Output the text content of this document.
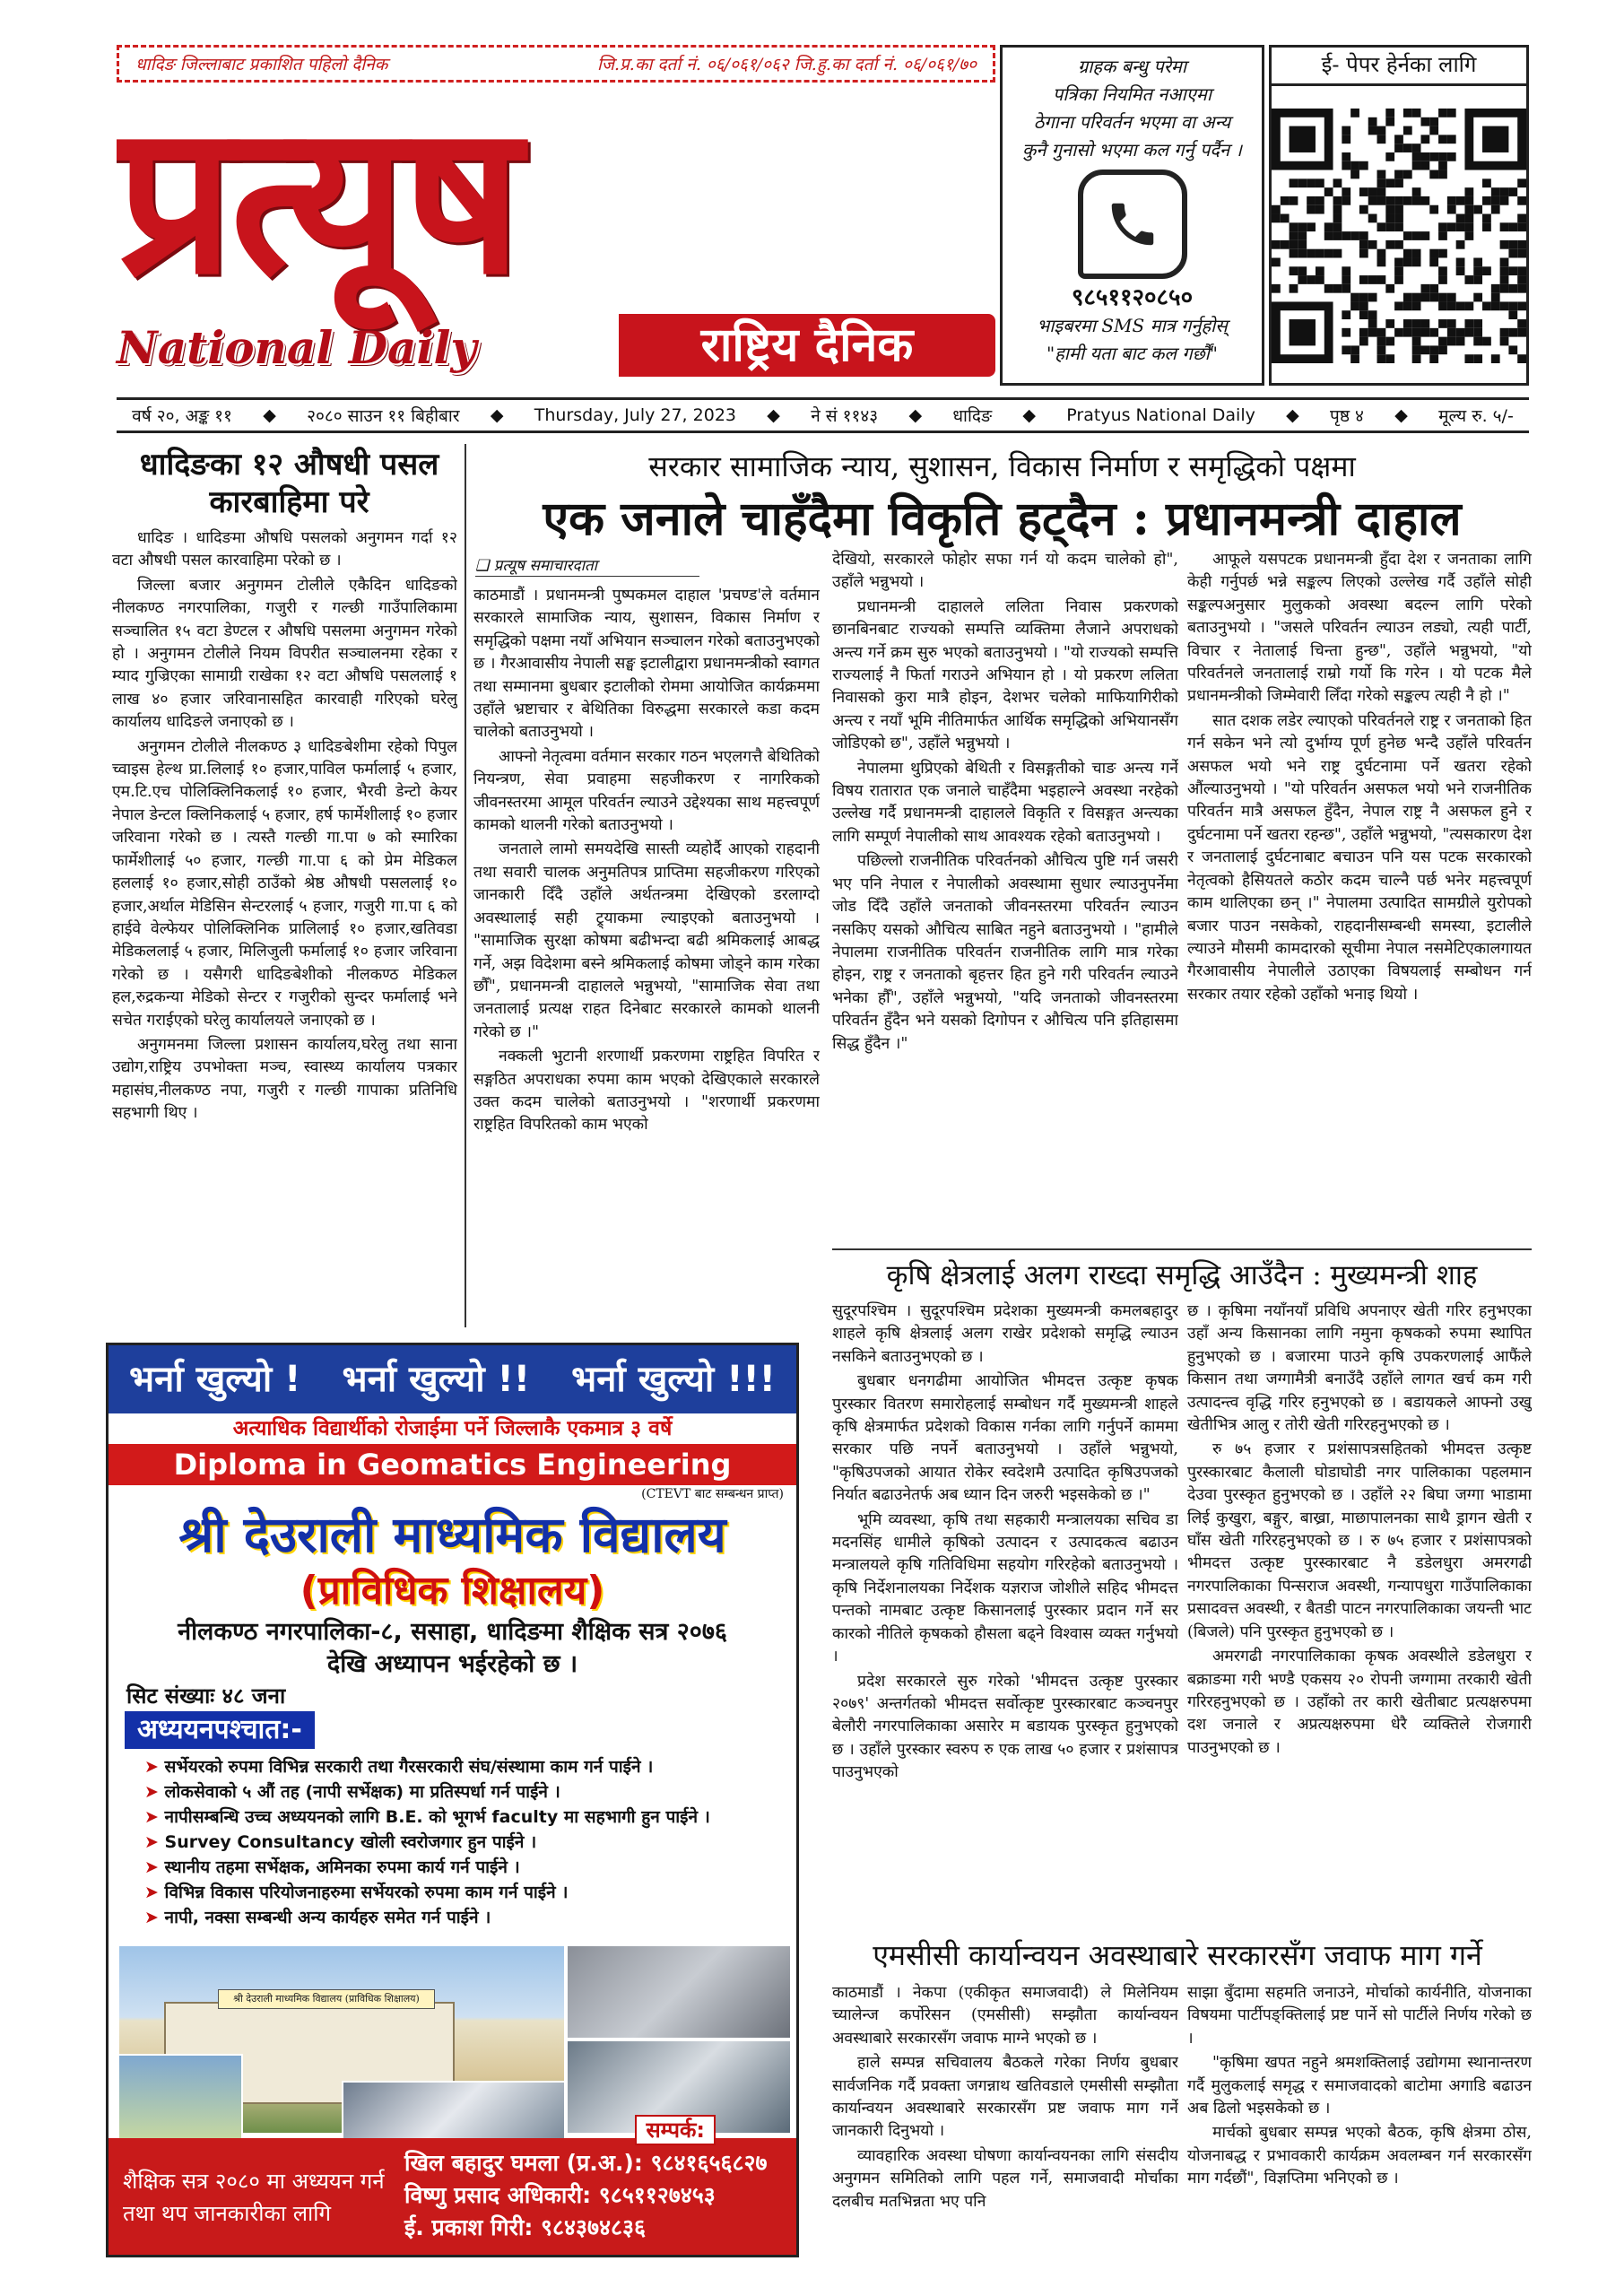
धादिङ जिल्लाबाट प्रकाशित पहिलो दैनिक	जि.प्र.का दर्ता नं. ०६/०६१/०६२ जि.हु.का दर्ता नं. ०६/०६१/७०
प्रत्यूष
National Daily	राष्ट्रिय दैनिक
ग्राहक बन्धु परेमा
पत्रिका नियमित नआएमा
ठेगाना परिवर्तन भएमा वा अन्य
कुनै गुनासो भएमा कल गर्नु पर्दैन ।
९८५११२०८५०
भाइबरमा SMS मात्र गर्नुहोस्
"हामी यता बाट कल गर्छौं"
ई- पेपर हेर्नका लागि
वर्ष २०, अङ्क ११ ◆ २०८० साउन ११ बिहीबार ◆ Thursday, July 27, 2023 ◆ ने सं ११४३ ◆ धादिङ ◆ Pratyus National Daily ◆ पृष्ठ ४ ◆ मूल्य रु. ५/-
धादिङका १२ औषधी पसल कारबाहिमा परे

धादिङ । धादिङमा औषधि पसलको अनुगमन गर्दा १२ वटा औषधी पसल कारवाहिमा परेको छ ।

जिल्ला बजार अनुगमन टोलीले एकैदिन धादिङको नीलकण्ठ नगरपालिका, गजुरी र गल्छी गाउँपालिकामा सञ्चालित १५ वटा डेण्टल र औषधि पसलमा अनुगमन गरेको हो । अनुगमन टोलीले नियम विपरीत सञ्चालनमा रहेका र म्याद गुज्रिएका सामाग्री राखेका १२ वटा औषधि पसललाई १ लाख ४० हजार जरिवानासहित कारवाही गरिएको घरेलु कार्यालय धादिङले जनाएको छ ।

अनुगमन टोलीले नीलकण्ठ ३ धादिङबेशीमा रहेको पिपुल च्वाइस हेल्थ प्रा.लिलाई १० हजार,पाविल फर्मालाई ५ हजार, एम.टि.एच पोलिक्लिनिकलाई १० हजार, भैरवी डेन्टो केयर नेपाल डेन्टल क्लिनिकलाई ५ हजार, हर्ष फार्मेशीलाई १० हजार जरिवाना गरेको छ । त्यस्तै गल्छी गा.पा ७ को स्मारिका फार्मेशीलाई ५० हजार, गल्छी गा.पा ६ को प्रेम मेडिकल हललाई १० हजार,सोही ठाउँको श्रेष्ठ औषधी पसललाई १० हजार,अर्थाल मेडिसिन सेन्टरलाई ५ हजार, गजुरी गा.पा ६ को हाईवे वेल्फेयर पोलिक्लिनिक प्रालिलाई १० हजार,खतिवडा मेडिकललाई ५ हजार, मिलिजुली फर्मालाई १० हजार जरिवाना गरेको छ । यसैगरी धादिङबेशीको नीलकण्ठ मेडिकल हल,रुद्रकन्या मेडिको सेन्टर र गजुरीको सुन्दर फर्मालाई भने सचेत गराईएको घरेलु कार्यालयले जनाएको छ ।

अनुगमनमा जिल्ला प्रशासन कार्यालय,घरेलु तथा साना उद्योग,राष्ट्रिय उपभोक्ता मञ्च, स्वास्थ्य कार्यालय पत्रकार महासंघ,नीलकण्ठ नपा, गजुरी र गल्छी गापाका प्रतिनिधि सहभागी थिए ।

सरकार सामाजिक न्याय, सुशासन, विकास निर्माण र समृद्धिको पक्षमा
एक जनाले चाहँदैमा विकृति हट्दैन : प्रधानमन्त्री दाहाल
❑ प्रत्यूष समाचारदाता

काठमाडौं । प्रधानमन्त्री पुष्पकमल दाहाल 'प्रचण्ड'ले वर्तमान सरकारले सामाजिक न्याय, सुशासन, विकास निर्माण र समृद्धिको पक्षमा नयाँ अभियान सञ्चालन गरेको बताउनुभएको छ । गैरआवासीय नेपाली सङ्घ इटालीद्वारा प्रधानमन्त्रीको स्वागत तथा सम्मानमा बुधबार इटालीको रोममा आयोजित कार्यक्रममा उहाँले भ्रष्टाचार र बेथितिका विरुद्धमा सरकारले कडा कदम चालेको बताउनुभयो ।

आफ्नो नेतृत्वमा वर्तमान सरकार गठन भएलगत्तै बेथितिको नियन्त्रण, सेवा प्रवाहमा सहजीकरण र नागरिकको जीवनस्तरमा आमूल परिवर्तन ल्याउने उद्देश्यका साथ महत्त्वपूर्ण कामको थालनी गरेको बताउनुभयो ।

जनताले लामो समयदेखि सास्ती व्यहोर्दै आएको राहदानी तथा सवारी चालक अनुमतिपत्र प्राप्तिमा सहजीकरण गरिएको जानकारी दिँदै उहाँले अर्थतन्त्रमा देखिएको डरलाग्दो अवस्थालाई सही ट्र्याकमा ल्याइएको बताउनुभयो । "सामाजिक सुरक्षा कोषमा बढीभन्दा बढी श्रमिकलाई आबद्ध गर्ने, अझ विदेशमा बस्ने श्रमिकलाई कोषमा जोड्ने काम गरेका छौँ", प्रधानमन्त्री दाहालले भन्नुभयो, "सामाजिक सेवा तथा जनतालाई प्रत्यक्ष राहत दिनेबाट सरकारले कामको थालनी गरेको छ ।"

नक्कली भुटानी शरणार्थी प्रकरणमा राष्ट्रहित विपरित र सङ्गठित अपराधका रुपमा काम भएको देखिएकाले सरकारले उक्त कदम चालेको बताउनुभयो । "शरणार्थी प्रकरणमा राष्ट्रहित विपरितको काम भएको

देखियो, सरकारले फोहोर सफा गर्न यो कदम चालेको हो", उहाँले भन्नुभयो ।

प्रधानमन्त्री दाहालले ललिता निवास प्रकरणको छानबिनबाट राज्यको सम्पत्ति व्यक्तिमा लैजाने अपराधको अन्त्य गर्ने क्रम सुरु भएको बताउनुभयो । "यो राज्यको सम्पत्ति राज्यलाई नै फिर्ता गराउने अभियान हो । यो प्रकरण ललिता निवासको कुरा मात्रै होइन, देशभर चलेको माफियागिरीको अन्त्य र नयाँ भूमि नीतिमार्फत आर्थिक समृद्धिको अभियानसँग जोडिएको छ", उहाँले भन्नुभयो ।

नेपालमा थुप्रिएको बेथिती र विसङ्गतीको चाङ अन्त्य गर्ने विषय रातारात एक जनाले चाहँदैमा भइहाल्ने अवस्था नरहेको उल्लेख गर्दै प्रधानमन्त्री दाहालले विकृति र विसङ्गत अन्त्यका लागि सम्पूर्ण नेपालीको साथ आवश्यक रहेको बताउनुभयो ।

पछिल्लो राजनीतिक परिवर्तनको औचित्य पुष्टि गर्न जसरी भए पनि नेपाल र नेपालीको अवस्थामा सुधार ल्याउनुपर्नेमा जोड दिँदै उहाँले जनताको जीवनस्तरमा परिवर्तन ल्याउन नसकिए यसको औचित्य साबित नहुने बताउनुभयो । "हामीले नेपालमा राजनीतिक परिवर्तन राजनीतिक लागि मात्र गरेका होइन, राष्ट्र र जनताको बृहत्तर हित हुने गरी परिवर्तन ल्याउने भनेका हौँ", उहाँले भन्नुभयो, "यदि जनताको जीवनस्तरमा परिवर्तन हुँदैन भने यसको दिगोपन र औचित्य पनि इतिहासमा सिद्ध हुँदैन ।"

आफूले यसपटक प्रधानमन्त्री हुँदा देश र जनताका लागि केही गर्नुपर्छ भन्ने सङ्कल्प लिएको उल्लेख गर्दै उहाँले सोही सङ्कल्पअनुसार मुलुकको अवस्था बदल्न लागि परेको बताउनुभयो । "जसले परिवर्तन ल्याउन लड्यो, त्यही पार्टी, विचार र नेतालाई चिन्ता हुन्छ", उहाँले भन्नुभयो, "यो परिवर्तनले जनतालाई राम्रो गर्यो कि गरेन । यो पटक मैले प्रधानमन्त्रीको जिम्मेवारी लिँदा गरेको सङ्कल्प त्यही नै हो ।"

सात दशक लडेर ल्याएको परिवर्तनले राष्ट्र र जनताको हित गर्न सकेन भने त्यो दुर्भाग्य पूर्ण हुनेछ भन्दै उहाँले परिवर्तन असफल भयो भने राष्ट्र दुर्घटनामा पर्ने खतरा रहेको औंल्याउनुभयो । "यो परिवर्तन असफल भयो भने राजनीतिक परिवर्तन मात्रै असफल हुँदैन, नेपाल राष्ट्र नै असफल हुने र दुर्घटनामा पर्ने खतरा रहन्छ", उहाँले भन्नुभयो, "त्यसकारण देश र जनतालाई दुर्घटनाबाट बचाउन पनि यस पटक सरकारको नेतृत्वको हैसियतले कठोर कदम चाल्नै पर्छ भनेर महत्त्वपूर्ण काम थालिएका छन् ।" नेपालमा उत्पादित सामग्रीले युरोपको बजार पाउन नसकेको, राहदानीसम्बन्धी समस्या, इटालीले ल्याउने मौसमी कामदारको सूचीमा नेपाल नसमेटिएकालगायत गैरआवासीय नेपालीले उठाएका विषयलाई सम्बोधन गर्न सरकार तयार रहेको उहाँको भनाइ थियो ।

कृषि क्षेत्रलाई अलग राख्दा समृद्धि आउँदैन : मुख्यमन्त्री शाह

सुदूरपश्चिम । सुदूरपश्चिम प्रदेशका मुख्यमन्त्री कमलबहादुर शाहले कृषि क्षेत्रलाई अलग राखेर प्रदेशको समृद्धि ल्याउन नसकिने बताउनुभएको छ ।

बुधबार धनगढीमा आयोजित भीमदत्त उत्कृष्ट कृषक पुरस्कार वितरण समारोहलाई सम्बोधन गर्दै मुख्यमन्त्री शाहले कृषि क्षेत्रमार्फत प्रदेशको विकास गर्नका लागि गर्नुपर्ने काममा सरकार पछि नपर्ने बताउनुभयो । उहाँले भन्नुभयो, "कृषिउपजको आयात रोकेर स्वदेशमै उत्पादित कृषिउपजको निर्यात बढाउनेतर्फ अब ध्यान दिन जरुरी भइसकेको छ ।"

भूमि व्यवस्था, कृषि तथा सहकारी मन्त्रालयका सचिव डा मदनसिंह धामीले कृषिको उत्पादन र उत्पादकत्व बढाउन मन्त्रालयले कृषि गतिविधिमा सहयोग गरिरहेको बताउनुभयो । कृषि निर्देशनालयका निर्देशक यज्ञराज जोशीले सहिद भीमदत्त पन्तको नामबाट उत्कृष्ट किसानलाई पुरस्कार प्रदान गर्ने सर कारको नीतिले कृषकको हौसला बढ्ने विश्वास व्यक्त गर्नुभयो ।

प्रदेश सरकारले सुरु गरेको 'भीमदत्त उत्कृष्ट पुरस्कार २०७९' अन्तर्गतको भीमदत्त सर्वोत्कृष्ट पुरस्कारबाट कञ्चनपुर बेलौरी नगरपालिकाका असारेर म बडायक पुरस्कृत हुनुभएको छ । उहाँले पुरस्कार स्वरुप रु एक लाख ५० हजार र प्रशंसापत्र पाउनुभएको

छ । कृषिमा नयाँनयाँ प्रविधि अपनाएर खेती गरिर हनुभएका उहाँ अन्य किसानका लागि नमुना कृषकको रुपमा स्थापित हुनुभएको छ । बजारमा पाउने कृषि उपकरणलाई आफैंले किसान तथा जग्गामैत्री बनाउँदै उहाँले लागत खर्च कम गरी उत्पादन्त्व वृद्धि गरिर हनुभएको छ । बडायकले आफ्नो उखु खेतीभित्र आलु र तोरी खेती गरिरहनुभएको छ ।

रु ७५ हजार र प्रशंसापत्रसहितको भीमदत्त उत्कृष्ट पुरस्कारबाट कैलाली घोडाघोडी नगर पालिकाका पहलमान देउवा पुरस्कृत हुनुभएको छ । उहाँले २२ बिघा जग्गा भाडामा लिई कुखुरा, बङ्गुर, बाख्रा, माछापालनका साथै ड्रागन खेती र घाँस खेती गरिरहनुभएको छ । रु ७५ हजार र प्रशंसापत्रको भीमदत्त उत्कृष्ट पुरस्कारबाट नै डडेलधुरा अमरगढी नगरपालिकाका पिन्सराज अवस्थी, गन्यापधुरा गाउँपालिकाका प्रसादवत्त अवस्थी, र बैतडी पाटन नगरपालिकाका जयन्ती भाट (बिजले) पनि पुरस्कृत हुनुभएको छ ।

अमरगढी नगरपालिकाका कृषक अवस्थीले डडेलधुरा र बक्राङमा गरी भण्डै एकसय २० रोपनी जग्गामा तरकारी खेती गरिरहनुभएको छ । उहाँको तर कारी खेतीबाट प्रत्यक्षरुपमा दश जनाले र अप्रत्यक्षरुपमा धेरै व्यक्तिले रोजगारी पाउनुभएको छ ।

एमसीसी कार्यान्वयन अवस्थाबारे सरकारसँग जवाफ माग गर्ने

काठमाडौं । नेकपा (एकीकृत समाजवादी) ले मिलेनियम च्यालेन्ज कर्पोरेसन (एमसीसी) सम्झौता कार्यान्वयन अवस्थाबारे सरकारसँग जवाफ माग्ने भएको छ ।

हाले सम्पन्न सचिवालय बैठकले गरेका निर्णय बुधबार सार्वजनिक गर्दै प्रवक्ता जगन्नाथ खतिवडाले एमसीसी सम्झौता कार्यान्वयन अवस्थाबारे सरकारसँग प्रष्ट जवाफ माग गर्ने जानकारी दिनुभयो ।

व्यावहारिक अवस्था घोषणा कार्यान्वयनका लागि संसदीय अनुगमन समितिको लागि पहल गर्ने, समाजवादी मोर्चाका दलबीच मतभिन्नता भए पनि

साझा बुँदामा सहमति जनाउने, मोर्चाको कार्यनीति, योजनाका विषयमा पार्टीपङ्क्तिलाई प्रष्ट पार्ने सो पार्टीले निर्णय गरेको छ ।

"कृषिमा खपत नहुने श्रमशक्तिलाई उद्योगमा स्थानान्तरण गर्दै मुलुकलाई समृद्ध र समाजवादको बाटोमा अगाडि बढाउन अब ढिलो भइसकेको छ ।

मार्चको बुधबार सम्पन्न भएको बैठक, कृषि क्षेत्रमा ठोस, योजनाबद्ध र प्रभावकारी कार्यक्रम अवलम्बन गर्न सरकारसँग माग गर्दछौं", विज्ञप्तिमा भनिएको छ ।

भर्ना खुल्यो ! भर्ना खुल्यो !! भर्ना खुल्यो !!!
अत्याधिक विद्यार्थीको रोजाईमा पर्ने जिल्लाकै एकमात्र ३ वर्षे
Diploma in Geomatics Engineering
(CTEVT बाट सम्बन्धन प्राप्त)
श्री देउराली माध्यमिक विद्यालय
(प्राविधिक शिक्षालय)
नीलकण्ठ नगरपालिका-८, ससाहा, धादिङमा शैक्षिक सत्र २०७६
देखि अध्यापन भईरहेको छ ।
सिट संख्याः ४८ जना
अध्ययनपश्चात:-
➤ सर्भेयरको रुपमा विभिन्न सरकारी तथा गैरसरकारी संघ/संस्थामा काम गर्न पाईने ।
➤ लोकसेवाको ५ औं तह (नापी सर्भेक्षक) मा प्रतिस्पर्धा गर्न पाईने ।
➤ नापीसम्बन्धि उच्च अध्ययनको लागि B.E. को भूगर्भ faculty मा सहभागी हुन पाईने ।
➤ Survey Consultancy खोली स्वरोजगार हुन पाईने ।
➤ स्थानीय तहमा सर्भेक्षक, अमिनका रुपमा कार्य गर्न पाईने ।
➤ विभिन्न विकास परियोजनाहरुमा सर्भेयरको रुपमा काम गर्न पाईने ।
➤ नापी, नक्सा सम्बन्धी अन्य कार्यहरु समेत गर्न पाईने ।
श्री देउराली माध्यमिक विद्यालय (प्राविधिक शिक्षालय)
सम्पर्क:
शैक्षिक सत्र २०८० मा अध्ययन गर्न तथा थप जानकारीका लागि
खिल बहादुर घमला (प्र.अ.): ९८४१६५६८२७
विष्णु प्रसाद अधिकारी: ९८५११२७४५३
ई. प्रकाश गिरी: ९८४३७४८३६
